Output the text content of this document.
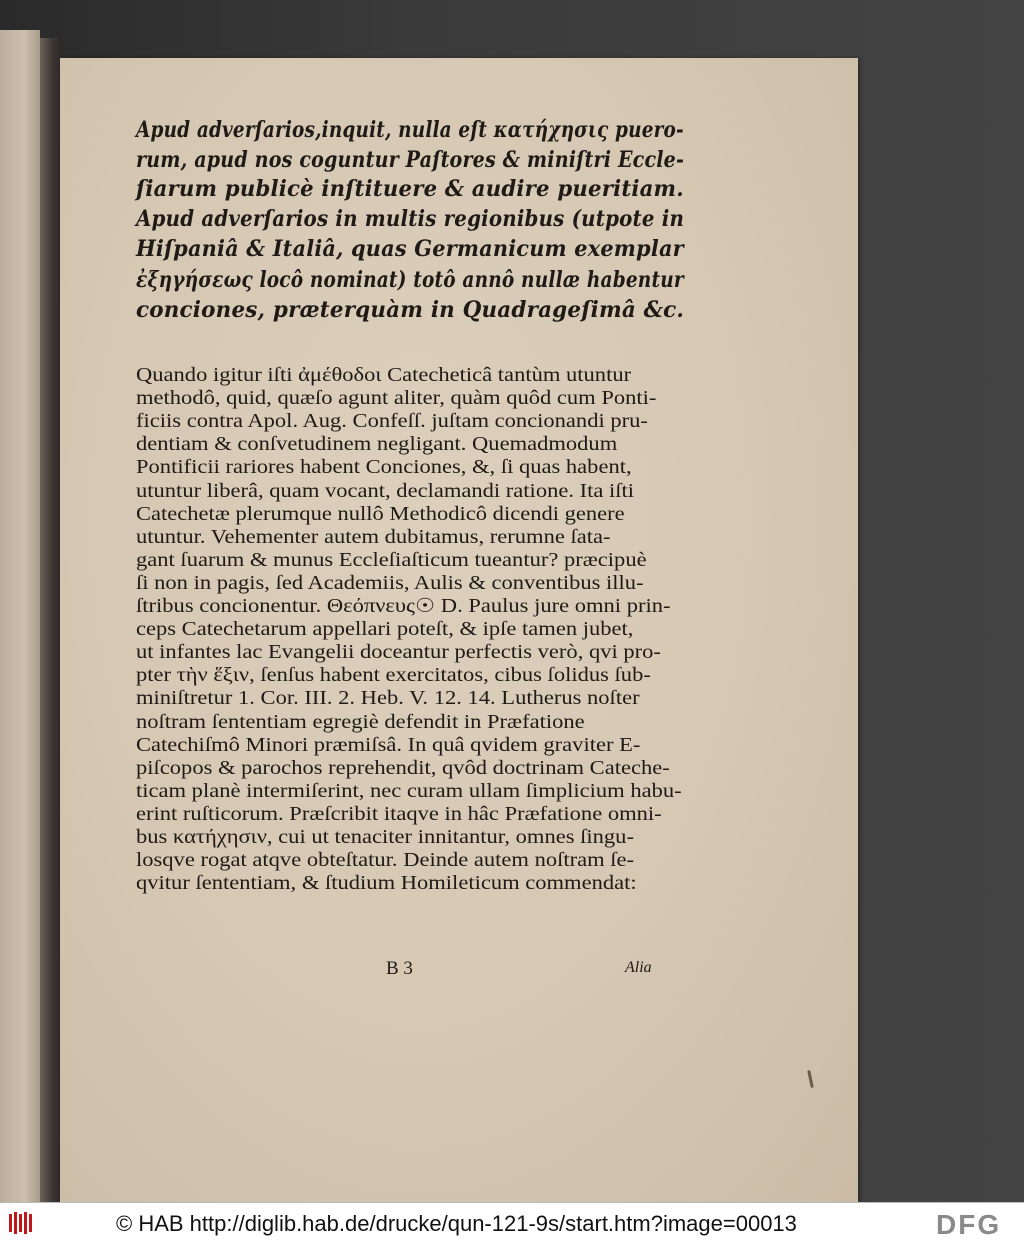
Apud adverſarios,inquit, nulla eſt κατήχησις puero-

rum, apud nos coguntur Paſtores & miniſtri Eccle-

ſiarum publicè inſtituere & audire pueritiam.

Apud adverſarios in multis regionibus (utpote in

Hiſpaniâ & Italiâ, quas Germanicum exemplar

ἐξηγήσεως locô nominat) totô annô nullæ habentur

conciones, præterquàm in Quadrageſimâ &c.

Quando igitur iſti ἀμέθοδοι Catecheticâ tantùm utuntur

methodô, quid, quæſo agunt aliter, quàm quôd cum Ponti-

ficiis contra Apol. Aug. Confeſſ. juſtam concionandi pru-

dentiam & conſvetudinem negligant. Quemadmodum

Pontificii rariores habent Conciones, &, ſi quas habent,

utuntur liberâ, quam vocant, declamandi ratione. Ita iſti

Catechetæ plerumque nullô Methodicô dicendi genere

utuntur. Vehementer autem dubitamus, rerumne ſata-

gant ſuarum & munus Eccleſiaſticum tueantur? præcipuè

ſi non in pagis, ſed Academiis, Aulis & conventibus illu-

ſtribus concionentur. Θεόπνευς☉ D. Paulus jure omni prin-

ceps Catechetarum appellari poteſt, & ipſe tamen jubet,

ut infantes lac Evangelii doceantur perfectis verò, qvi pro-

pter τὴν ἕξιν, ſenſus habent exercitatos, cibus ſolidus ſub-

miniſtretur 1. Cor. III. 2. Heb. V. 12. 14. Lutherus noſter

noſtram ſententiam egregiè defendit in Præfatione

Catechiſmô Minori præmiſsâ. In quâ qvidem graviter E-

piſcopos & parochos reprehendit, qvôd doctrinam Cateche-

ticam planè intermiſerint, nec curam ullam ſimplicium habu-

erint ruſticorum. Præſcribit itaqve in hâc Præfatione omni-

bus κατήχησιν, cui ut tenaciter innitantur, omnes ſingu-

losqve rogat atqve obteſtatur. Deinde autem noſtram ſe-

qvitur ſententiam, & ſtudium Homileticum commendat:

B 3	Alia
© HAB http://diglib.hab.de/drucke/qun-121-9s/start.htm?image=00013	DFG
